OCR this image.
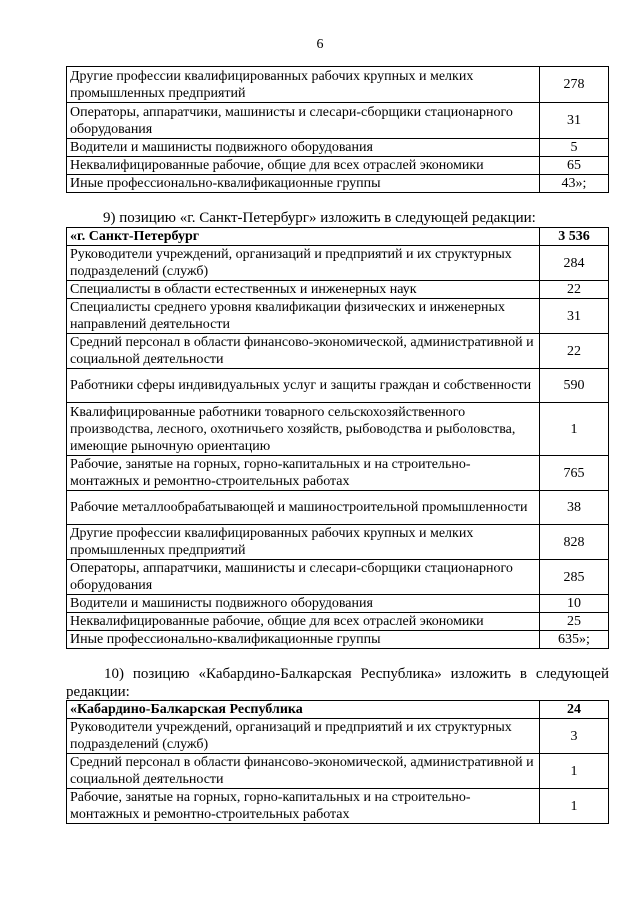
6
Другие профессии квалифицированных рабочих крупных и мелких промышленных предприятий	278
Операторы, аппаратчики, машинисты и слесари-сборщики стационарного оборудования	31
Водители и машинисты подвижного оборудования	5
Неквалифицированные рабочие, общие для всех отраслей экономики	65
Иные профессионально-квалификационные группы	43»;
9) позицию «г. Санкт-Петербург» изложить в следующей редакции:
«г. Санкт-Петербург	3 536
Руководители учреждений, организаций и предприятий и их структурных подразделений (служб)	284
Специалисты в области естественных и инженерных наук	22
Специалисты среднего уровня квалификации физических и инженерных направлений деятельности	31
Средний персонал в области финансово-экономической, административной и социальной деятельности	22
Работники сферы индивидуальных услуг и защиты граждан и собственности	590
Квалифицированные работники товарного сельскохозяйственного производства, лесного, охотничьего хозяйств, рыбоводства и рыболовства, имеющие рыночную ориентацию	1
Рабочие, занятые на горных, горно-капитальных и на строительно-монтажных и ремонтно-строительных работах	765
Рабочие металлообрабатывающей и машиностроительной промышленности	38
Другие профессии квалифицированных рабочих крупных и мелких промышленных предприятий	828
Операторы, аппаратчики, машинисты и слесари-сборщики стационарного оборудования	285
Водители и машинисты подвижного оборудования	10
Неквалифицированные рабочие, общие для всех отраслей экономики	25
Иные профессионально-квалификационные группы	635»;
10) позицию «Кабардино-Балкарская Республика» изложить в следующей редакции:
«Кабардино-Балкарская Республика	24
Руководители учреждений, организаций и предприятий и их структурных подразделений (служб)	3
Средний персонал в области финансово-экономической, административной и социальной деятельности	1
Рабочие, занятые на горных, горно-капитальных и на строительно-монтажных и ремонтно-строительных работах	1
